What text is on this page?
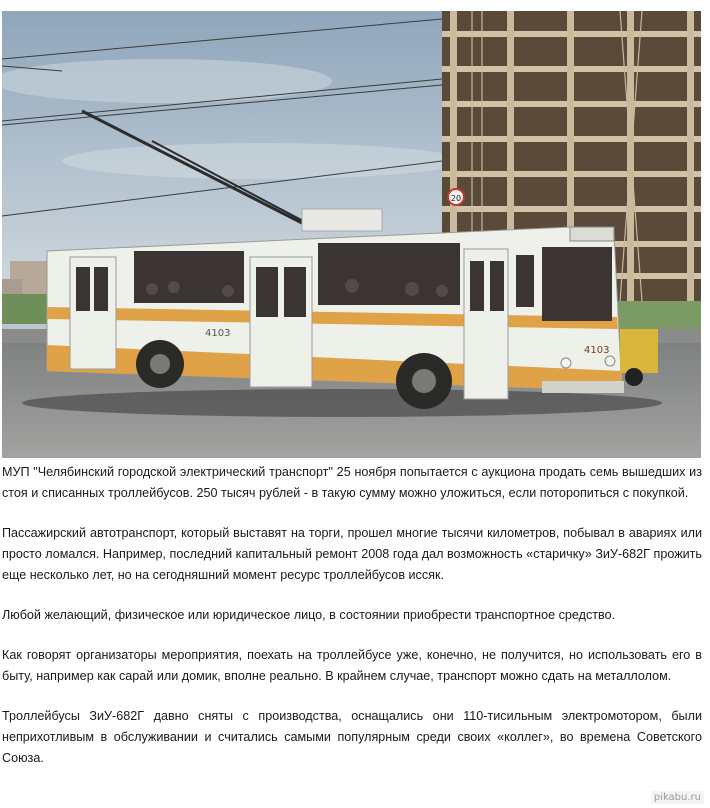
20
4103
4103

МУП "Челябинский городской электрический транспорт" 25 ноября попытается с аукциона продать семь вышедших из стоя и списанных троллейбусов. 250 тысяч рублей - в такую сумму можно уложиться, если поторопиться с покупкой.

Пассажирский автотранспорт, который выставят на торги, прошел многие тысячи километров, побывал в авариях или просто ломался. Например, последний капитальный ремонт 2008 года дал возможность «старичку» ЗиУ-682Г прожить еще несколько лет, но на сегодняшний момент ресурс троллейбусов иссяк.

Любой желающий, физическое или юридическое лицо, в состоянии приобрести транспортное средство.

Как говорят организаторы мероприятия, поехать на троллейбусе уже, конечно, не получится, но использовать его в быту, например как сарай или домик, вполне реально. В крайнем случае, транспорт можно сдать на металлолом.

Троллейбусы ЗиУ-682Г давно сняты с производства, оснащались они 110-тисильным электромотором, были неприхотливым в обслуживании и считались самыми популярным среди своих «коллег», во времена Советского Союза.

pikabu.ru
